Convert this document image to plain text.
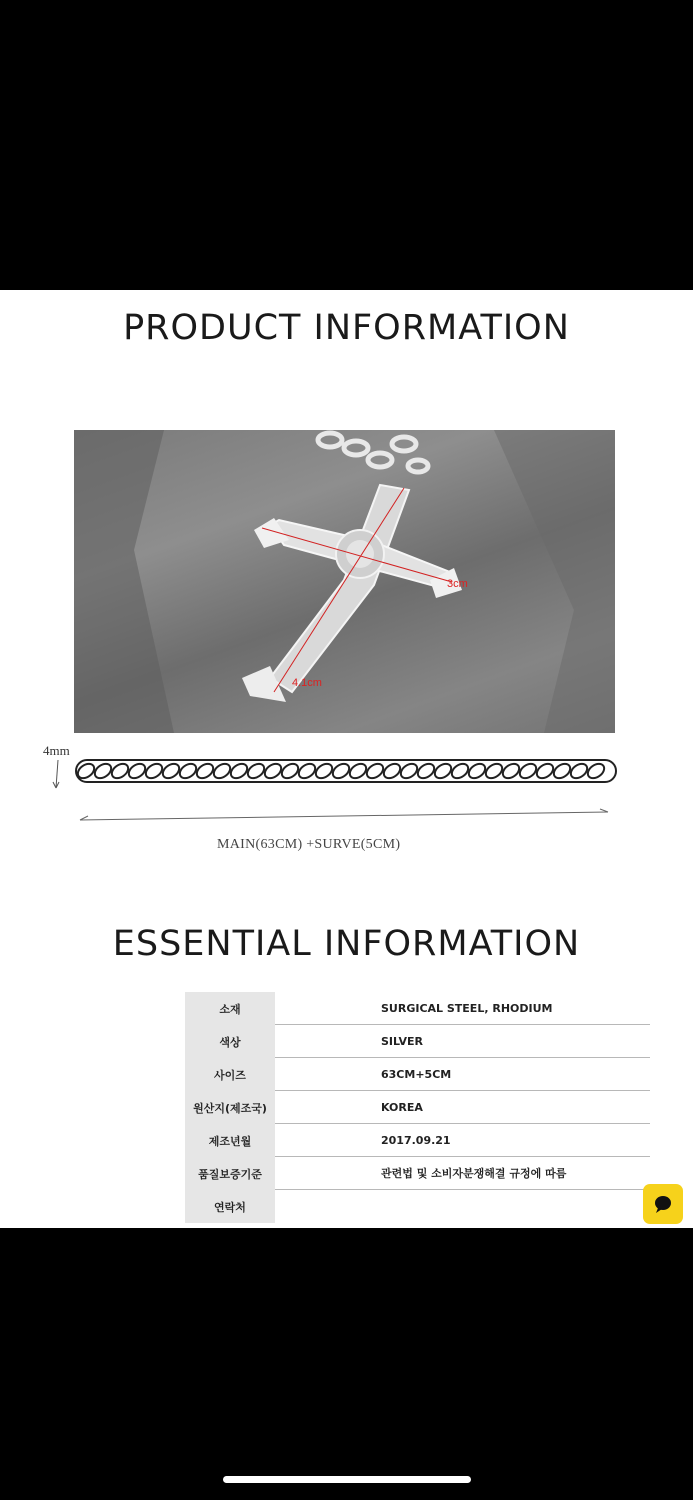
PRODUCT INFORMATION
3cm
4.1cm
4mm
MAIN(63CM) +SURVE(5CM)
ESSENTIAL INFORMATION
소재	SURGICAL STEEL, RHODIUM
색상	SILVER
사이즈	63CM+5CM
원산지(제조국)	KOREA
제조년월	2017.09.21
품질보증기준	관련법 및 소비자분쟁해결 규정에 따름
연락처
